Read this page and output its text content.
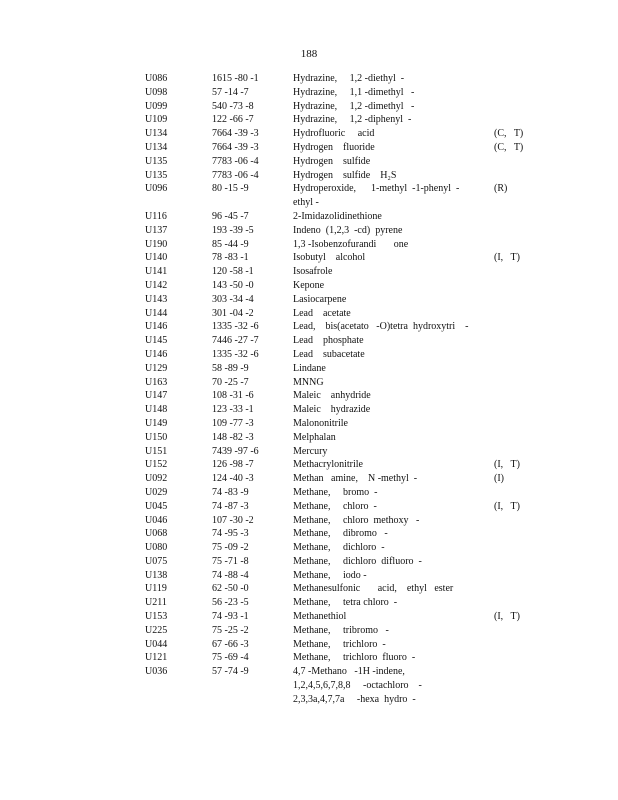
188
U086	1615 -80 -1	Hydrazine,     1,2 -diethyl  -
U098	57 -14 -7	Hydrazine,     1,1 -dimethyl   -
U099	540 -73 -8	Hydrazine,     1,2 -dimethyl   -
U109	122 -66 -7	Hydrazine,     1,2 -diphenyl  -
U134	7664 -39 -3	Hydrofluoric     acid	(C,   T)
U134	7664 -39 -3	Hydrogen    fluoride	(C,   T)
U135	7783 -06 -4	Hydrogen    sulfide
U135	7783 -06 -4	Hydrogen    sulfide    H₂S
U096	80 -15 -9	Hydroperoxide,      1-methyl  -1-phenyl  -	(R)
ethyl -
U116	96 -45 -7	2-Imidazolidinethione
U137	193 -39 -5	Indeno  (1,2,3  -cd)  pyrene
U190	85 -44 -9	1,3 -Isobenzofurandi       one
U140	78 -83 -1	Isobutyl    alcohol	(I,   T)
U141	120 -58 -1	Isosafrole
U142	143 -50 -0	Kepone
U143	303 -34 -4	Lasiocarpene
U144	301 -04 -2	Lead    acetate
U146	1335 -32 -6	Lead,    bis(acetato   -O)tetra  hydroxytri    -
U145	7446 -27 -7	Lead    phosphate
U146	1335 -32 -6	Lead    subacetate
U129	58 -89 -9	Lindane
U163	70 -25 -7	MNNG
U147	108 -31 -6	Maleic    anhydride
U148	123 -33 -1	Maleic    hydrazide
U149	109 -77 -3	Malononitrile
U150	148 -82 -3	Melphalan
U151	7439 -97 -6	Mercury
U152	126 -98 -7	Methacrylonitrile	(I,   T)
U092	124 -40 -3	Methan   amine,    N -methyl  -	(I)
U029	74 -83 -9	Methane,     bromo  -
U045	74 -87 -3	Methane,     chloro  -	(I,   T)
U046	107 -30 -2	Methane,     chloro  methoxy   -
U068	74 -95 -3	Methane,     dibromo   -
U080	75 -09 -2	Methane,     dichloro  -
U075	75 -71 -8	Methane,     dichloro  difluoro  -
U138	74 -88 -4	Methane,     iodo -
U119	62 -50 -0	Methanesulfonic       acid,    ethyl   ester
U211	56 -23 -5	Methane,     tetra chloro  -
U153	74 -93 -1	Methanethiol	(I,   T)
U225	75 -25 -2	Methane,     tribromo   -
U044	67 -66 -3	Methane,     trichloro  -
U121	75 -69 -4	Methane,     trichloro  fluoro  -
U036	57 -74 -9	4,7 -Methano   -1H -indene,
1,2,4,5,6,7,8,8     -octachloro    -
2,3,3a,4,7,7a     -hexa  hydro  -
